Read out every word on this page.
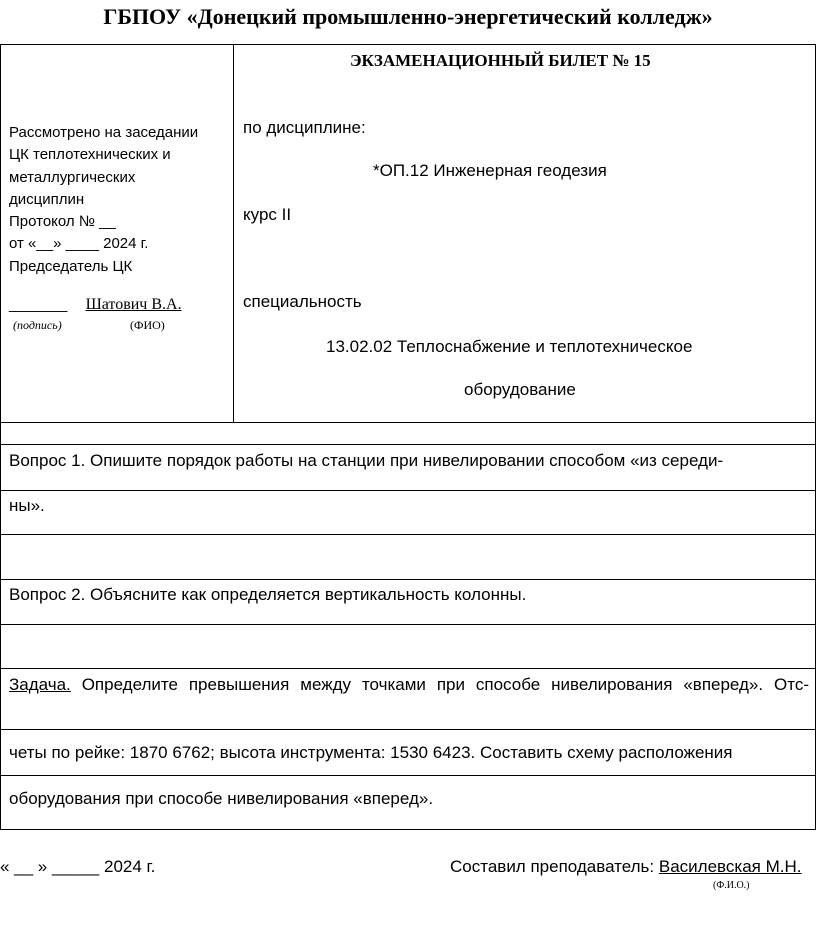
ГБПОУ «Донецкий промышленно-энергетический колледж»
Рассмотрено на заседании
ЦК теплотехнических и
металлургических
дисциплин
Протокол № __
от «__» ____ 2024 г.
Председатель ЦК
_______ Шатович В.А.
(подпись)	(ФИО)
ЭКЗАМЕНАЦИОННЫЙ БИЛЕТ № 15
по дисциплине:
*ОП.12 Инженерная геодезия
курс II
специальность
13.02.02 Теплоснабжение и теплотехническое
оборудование
Вопрос 1. Опишите порядок работы на станции при нивелировании способом «из середи-
ны».
Вопрос 2. Объясните как определяется вертикальность колонны.
Задача. Определите превышения между точками при способе нивелирования «вперед». Отс-
четы по рейке: 1870 6762; высота инструмента: 1530 6423. Составить схему расположения
оборудования при способе нивелирования «вперед».
« __ » _____ 2024 г.	Составил преподаватель: Василевская М.Н.
(Ф.И.О.)
